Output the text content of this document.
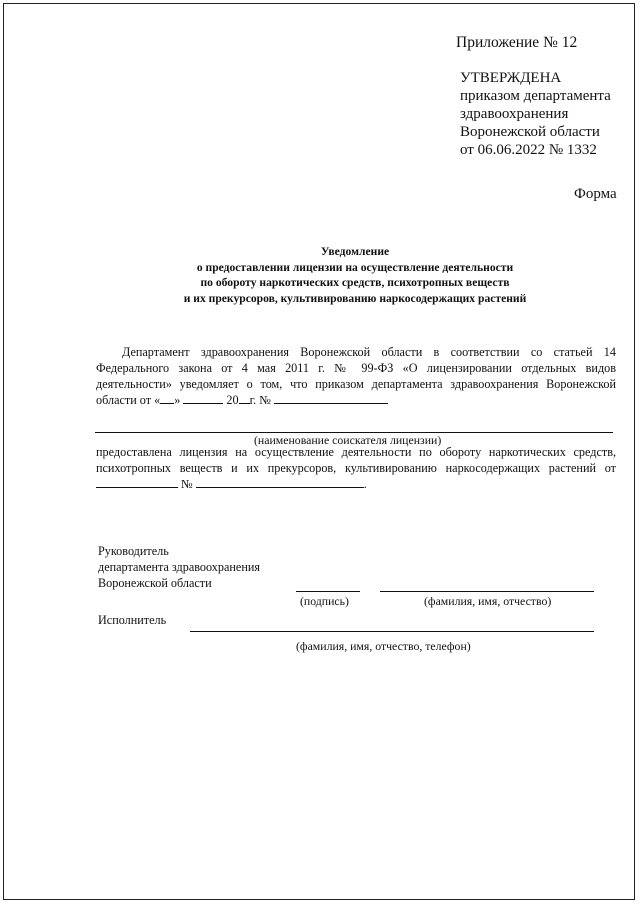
Приложение № 12
УТВЕРЖДЕНА
приказом департамента
здравоохранения
Воронежской области
от 06.06.2022 № 1332
Форма
Уведомление
о предоставлении лицензии на осуществление деятельности
по обороту наркотических средств, психотропных веществ
и их прекурсоров, культивированию наркосодержащих растений
Департамент здравоохранения Воронежской области в соответствии со статьей 14
Федерального закона от 4 мая 2011 г. № 99-ФЗ «О лицензировании отдельных видов
деятельности» уведомляет о том, что приказом департамента здравоохранения Воронежской
области от « »	20 г. №
(наименование соискателя лицензии)
предоставлена лицензия на осуществление деятельности по обороту наркотических средств,
психотропных веществ и их прекурсоров, культивированию наркосодержащих растений от
№	.
Руководитель
департамента здравоохранения
Воронежской области
(подпись)	(фамилия, имя, отчество)
Исполнитель
(фамилия, имя, отчество, телефон)
